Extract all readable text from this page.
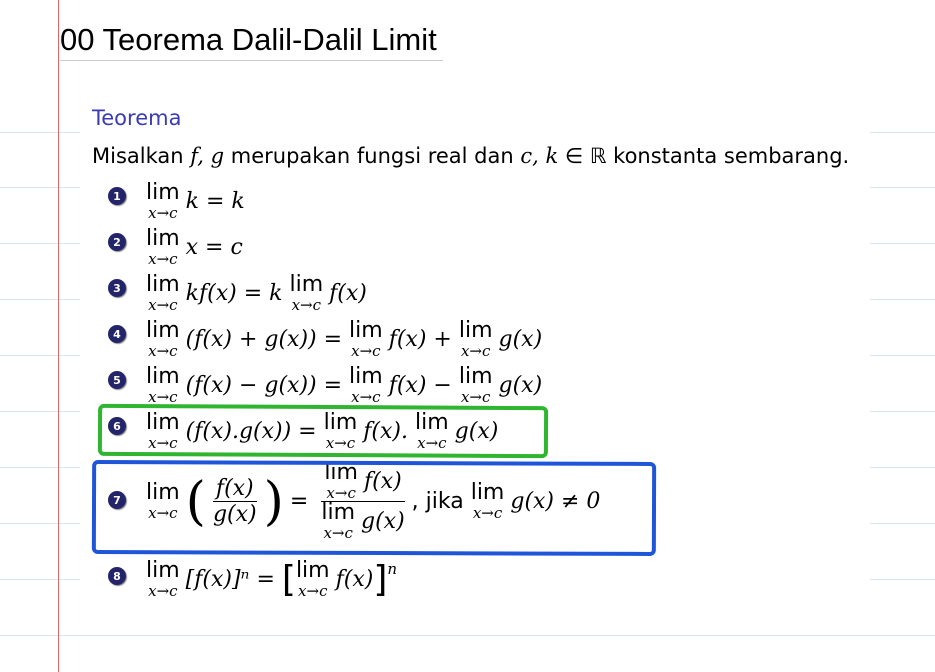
00 Teorema Dalil-Dalil Limit
Teorema
Misalkan f, g merupakan fungsi real dan c, k ∈ ℝ konstanta sembarang.
1 lim
x→c k = k
2 lim
x→c x = c
3 lim
x→c kf(x) = k
lim
x→c f(x)
4 lim
x→c (f(x) + g(x)) =
lim
x→c f(x) +
lim
x→c g(x)
5 lim
x→c (f(x) − g(x)) =
lim
x→c f(x) −
lim
x→c g(x)
6 lim
x→c (f(x).g(x)) =
lim
x→c f(x).
lim
x→c g(x)
7 lim
x→c ( $\frac{f(x)}{g(x)}$ ) = lim
x→c f(x)
lim
x→c g(x) , jika
lim
x→c g(x) ≠ 0
8 lim
x→c [f(x)]ⁿ =
[ lim
x→c f(x) ]$^n$
